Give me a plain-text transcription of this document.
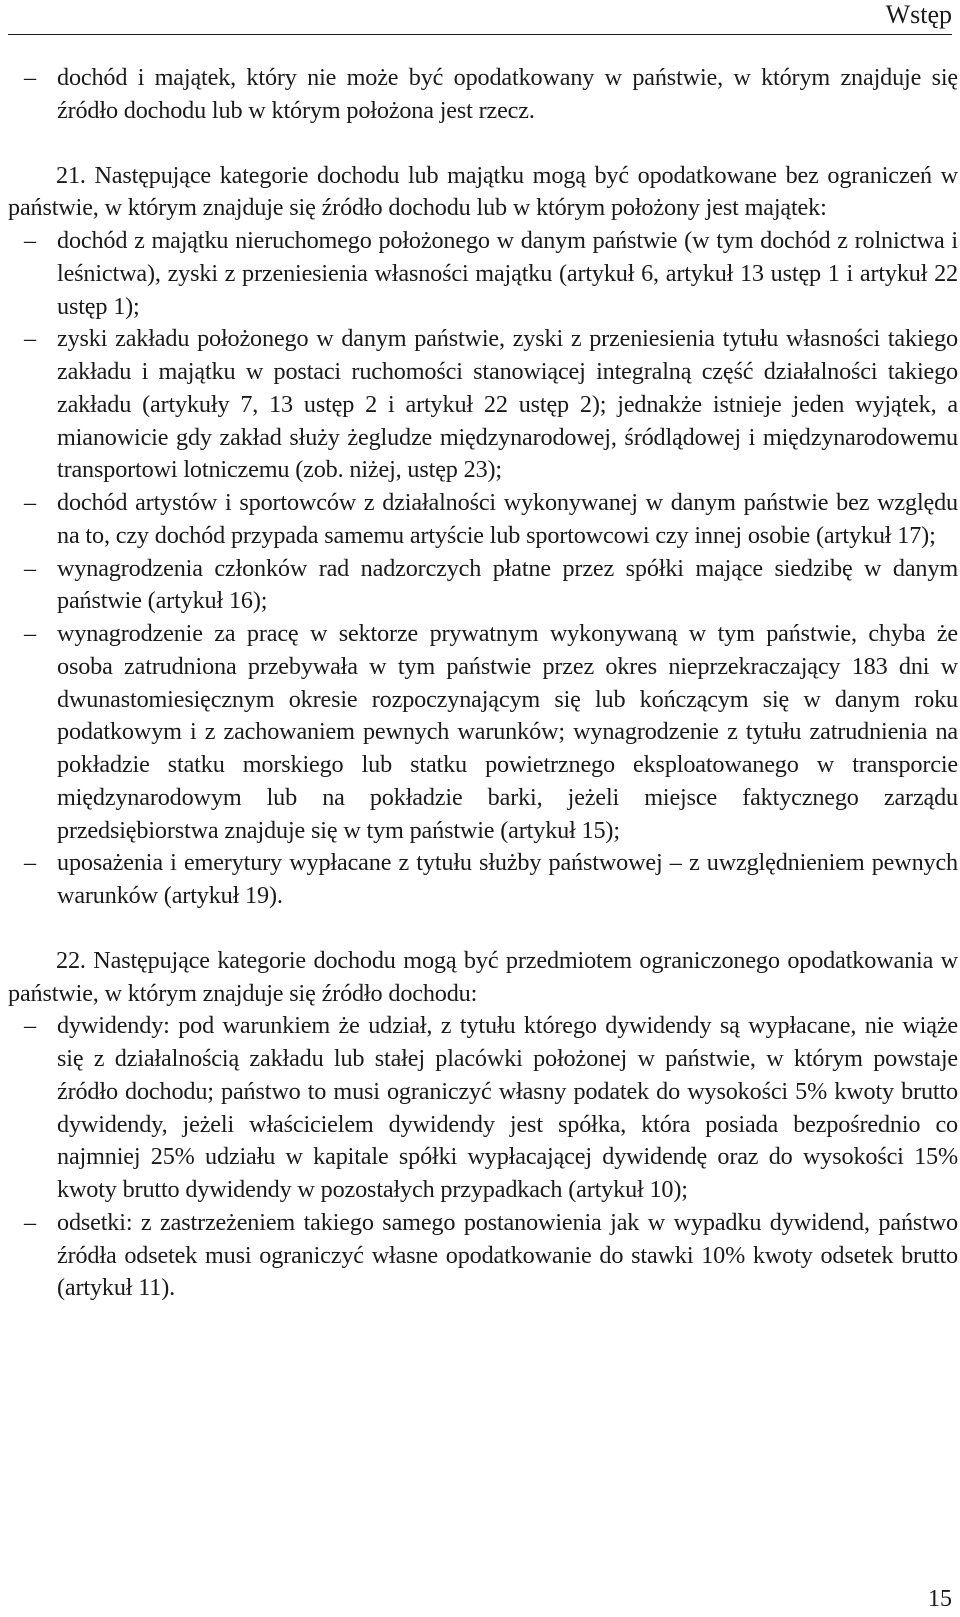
Wstęp
– dochód i majątek, który nie może być opodatkowany w państwie, w którym znajduje się źródło dochodu lub w którym położona jest rzecz.

21. Następujące kategorie dochodu lub majątku mogą być opodatkowane bez ograniczeń w państwie, w którym znajduje się źródło dochodu lub w którym położony jest majątek:

– dochód z majątku nieruchomego położonego w danym państwie (w tym dochód z rolnictwa i leśnictwa), zyski z przeniesienia własności majątku (artykuł 6, artykuł 13 ustęp 1 i artykuł 22 ustęp 1);
– zyski zakładu położonego w danym państwie, zyski z przeniesienia tytułu własności takiego zakładu i majątku w postaci ruchomości stanowiącej integralną część działalności takiego zakładu (artykuły 7, 13 ustęp 2 i artykuł 22 ustęp 2); jednakże istnieje jeden wyjątek, a mianowicie gdy zakład służy żegludze międzynarodowej, śródlądowej i międzynarodowemu transportowi lotniczemu (zob. niżej, ustęp 23);
– dochód artystów i sportowców z działalności wykonywanej w danym państwie bez względu na to, czy dochód przypada samemu artyście lub sportowcowi czy innej osobie (artykuł 17);
– wynagrodzenia członków rad nadzorczych płatne przez spółki mające siedzibę w danym państwie (artykuł 16);
– wynagrodzenie za pracę w sektorze prywatnym wykonywaną w tym państwie, chyba że osoba zatrudniona przebywała w tym państwie przez okres nieprzekraczający 183 dni w dwunastomiesięcznym okresie rozpoczynającym się lub kończącym się w danym roku podatkowym i z zachowaniem pewnych warunków; wynagrodzenie z tytułu zatrudnienia na pokładzie statku morskiego lub statku powietrznego eksploatowanego w transporcie międzynarodowym lub na pokładzie barki, jeżeli miejsce faktycznego zarządu przedsiębiorstwa znajduje się w tym państwie (artykuł 15);
– uposażenia i emerytury wypłacane z tytułu służby państwowej – z uwzględnieniem pewnych warunków (artykuł 19).

22. Następujące kategorie dochodu mogą być przedmiotem ograniczonego opodatkowania w państwie, w którym znajduje się źródło dochodu:

– dywidendy: pod warunkiem że udział, z tytułu którego dywidendy są wypłacane, nie wiąże się z działalnością zakładu lub stałej placówki położonej w państwie, w którym powstaje źródło dochodu; państwo to musi ograniczyć własny podatek do wysokości 5% kwoty brutto dywidendy, jeżeli właścicielem dywidendy jest spółka, która posiada bezpośrednio co najmniej 25% udziału w kapitale spółki wypłacającej dywidendę oraz do wysokości 15% kwoty brutto dywidendy w pozostałych przypadkach (artykuł 10);
– odsetki: z zastrzeżeniem takiego samego postanowienia jak w wypadku dywidend, państwo źródła odsetek musi ograniczyć własne opodatkowanie do stawki 10% kwoty odsetek brutto (artykuł 11).
15
